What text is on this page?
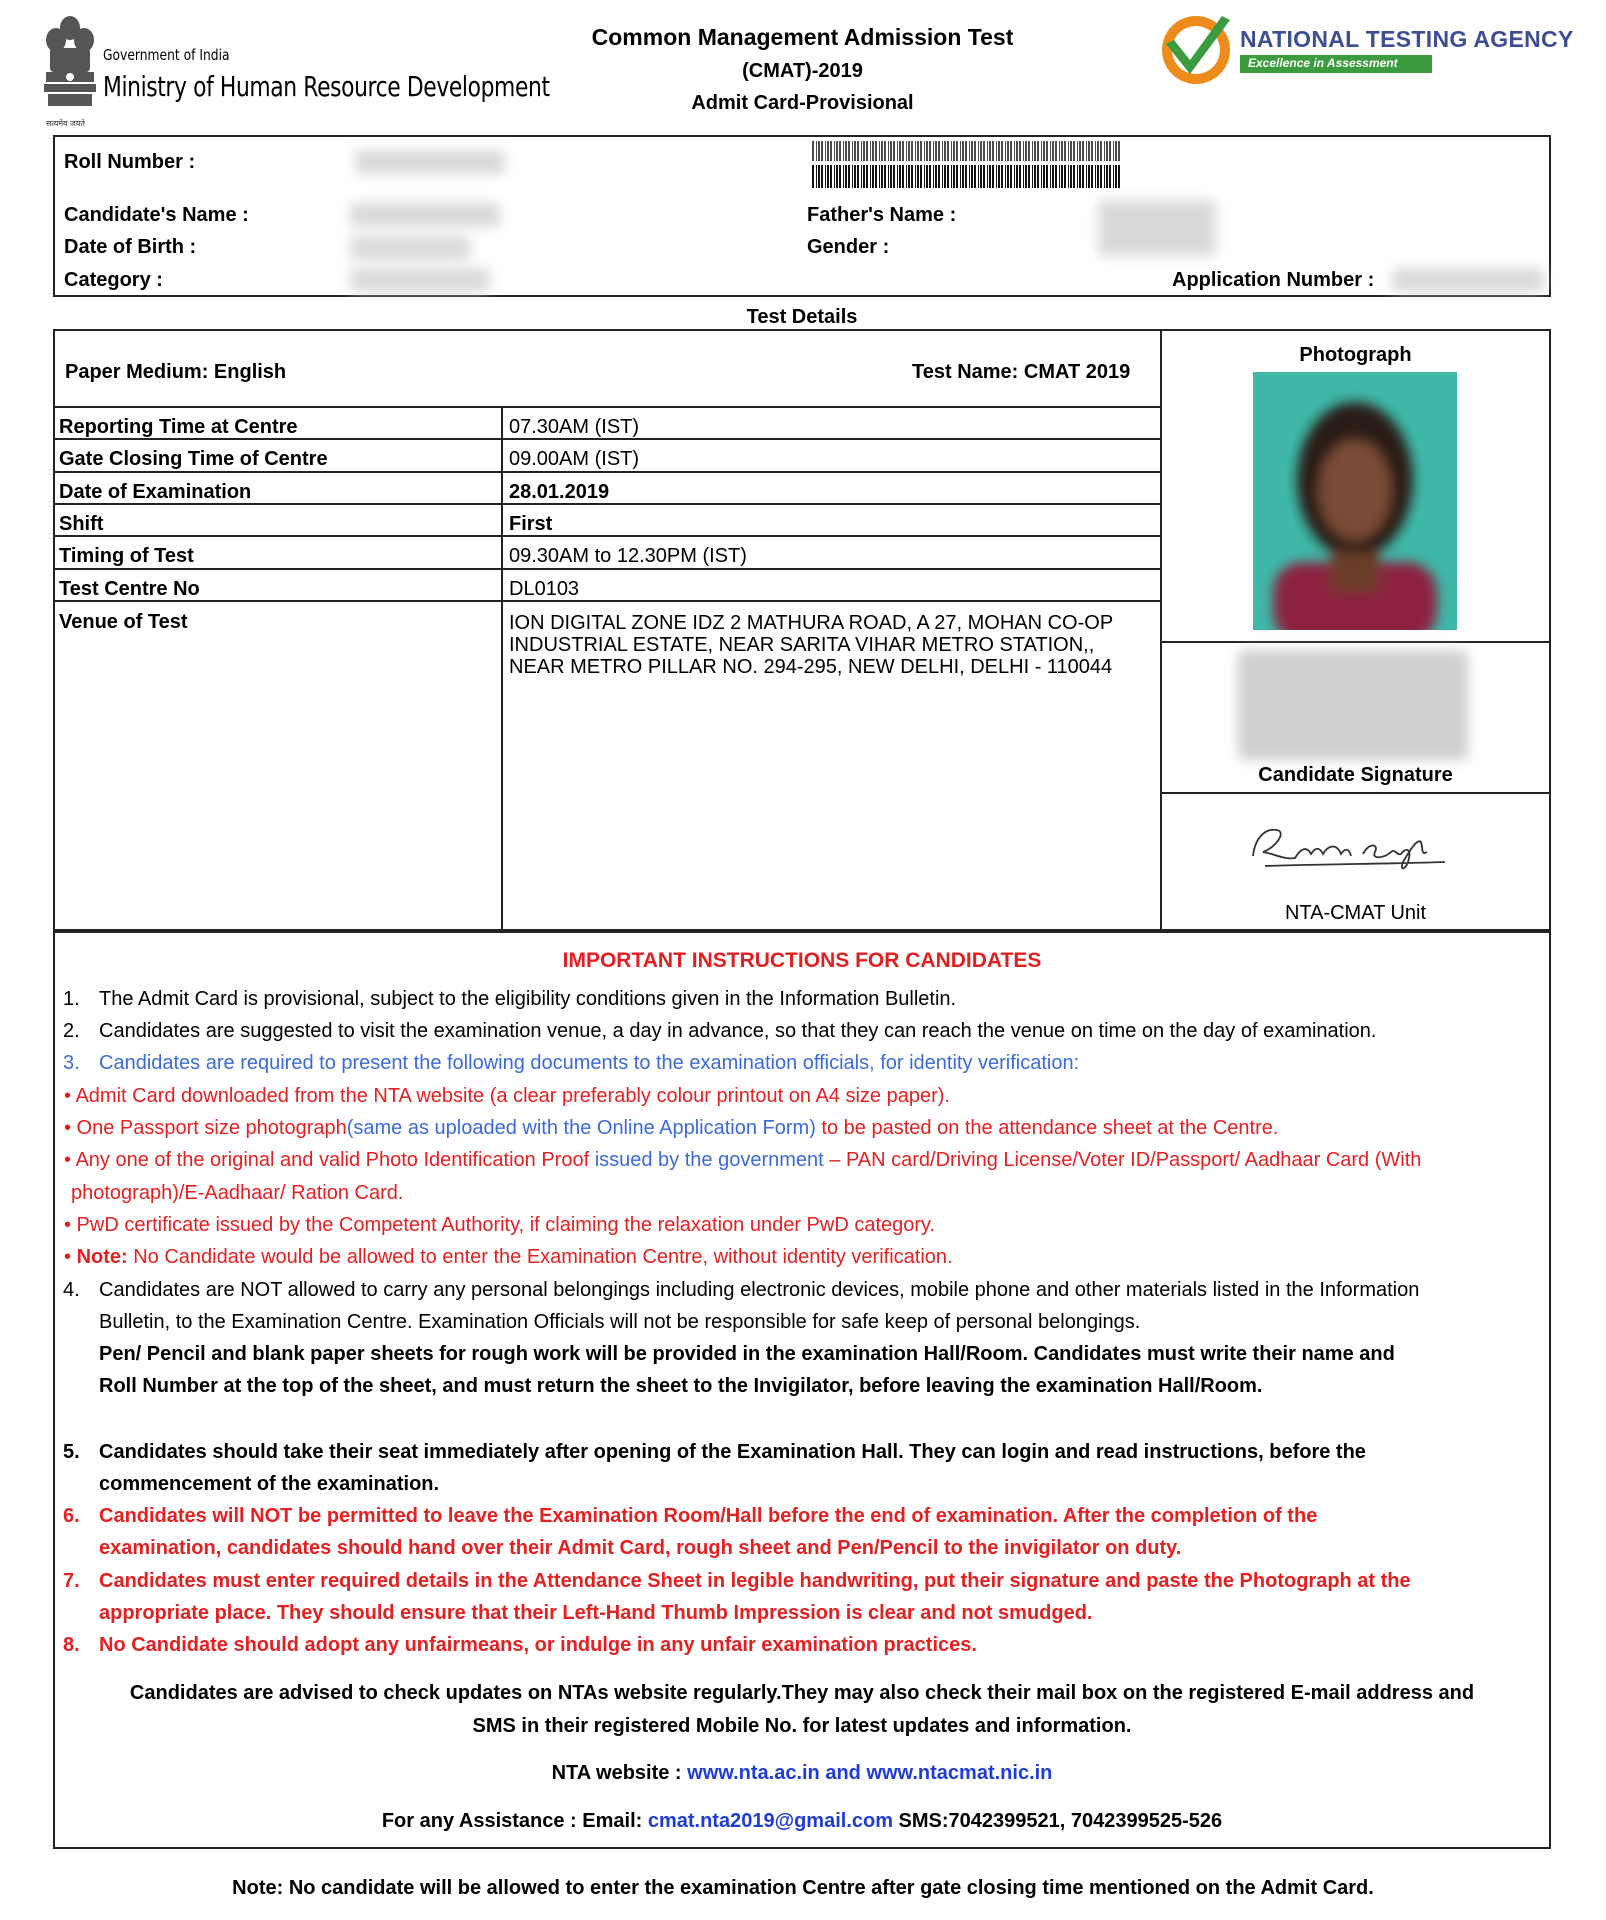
Government of India
Ministry of Human Resource Development
सत्यमेव जयते
Common Management Admission Test
(CMAT)-2019
Admit Card-Provisional
NATIONAL TESTING AGENCY
Excellence in Assessment
Roll Number :
Candidate's Name :	Father's Name :
Date of Birth :	Gender :
Category :	Application Number :
Test Details
Paper Medium: English	Test Name: CMAT 2019
Reporting Time at Centre	07.30AM (IST)
Gate Closing Time of Centre	09.00AM (IST)
Date of Examination	28.01.2019
Shift	First
Timing of Test	09.30AM to 12.30PM (IST)
Test Centre No	DL0103
Venue of Test	ION DIGITAL ZONE IDZ 2 MATHURA ROAD, A 27, MOHAN CO-OP INDUSTRIAL ESTATE, NEAR SARITA VIHAR METRO STATION,, NEAR METRO PILLAR NO. 294-295, NEW DELHI, DELHI - 110044
Photograph
Candidate Signature
NTA-CMAT Unit
IMPORTANT INSTRUCTIONS FOR CANDIDATES
1. The Admit Card is provisional, subject to the eligibility conditions given in the Information Bulletin.
2. Candidates are suggested to visit the examination venue, a day in advance, so that they can reach the venue on time on the day of examination.
3. Candidates are required to present the following documents to the examination officials, for identity verification:
• Admit Card downloaded from the NTA website (a clear preferably colour printout on A4 size paper).
• One Passport size photograph(same as uploaded with the Online Application Form) to be pasted on the attendance sheet at the Centre.
• Any one of the original and valid Photo Identification Proof issued by the government – PAN card/Driving License/Voter ID/Passport/ Aadhaar Card (With
photograph)/E-Aadhaar/ Ration Card.
• PwD certificate issued by the Competent Authority, if claiming the relaxation under PwD category.
• Note: No Candidate would be allowed to enter the Examination Centre, without identity verification.
4. Candidates are NOT allowed to carry any personal belongings including electronic devices, mobile phone and other materials listed in the Information
Bulletin, to the Examination Centre. Examination Officials will not be responsible for safe keep of personal belongings.
Pen/ Pencil and blank paper sheets for rough work will be provided in the examination Hall/Room. Candidates must write their name and
Roll Number at the top of the sheet, and must return the sheet to the Invigilator, before leaving the examination Hall/Room.
5. Candidates should take their seat immediately after opening of the Examination Hall. They can login and read instructions, before the
commencement of the examination.
6. Candidates will NOT be permitted to leave the Examination Room/Hall before the end of examination. After the completion of the
examination, candidates should hand over their Admit Card, rough sheet and Pen/Pencil to the invigilator on duty.
7. Candidates must enter required details in the Attendance Sheet in legible handwriting, put their signature and paste the Photograph at the
appropriate place. They should ensure that their Left-Hand Thumb Impression is clear and not smudged.
8. No Candidate should adopt any unfairmeans, or indulge in any unfair examination practices.
Candidates are advised to check updates on NTAs website regularly.They may also check their mail box on the registered E-mail address and
SMS in their registered Mobile No. for latest updates and information.
NTA website : www.nta.ac.in and www.ntacmat.nic.in
For any Assistance : Email: cmat.nta2019@gmail.com SMS:7042399521, 7042399525-526
Note: No candidate will be allowed to enter the examination Centre after gate closing time mentioned on the Admit Card.
